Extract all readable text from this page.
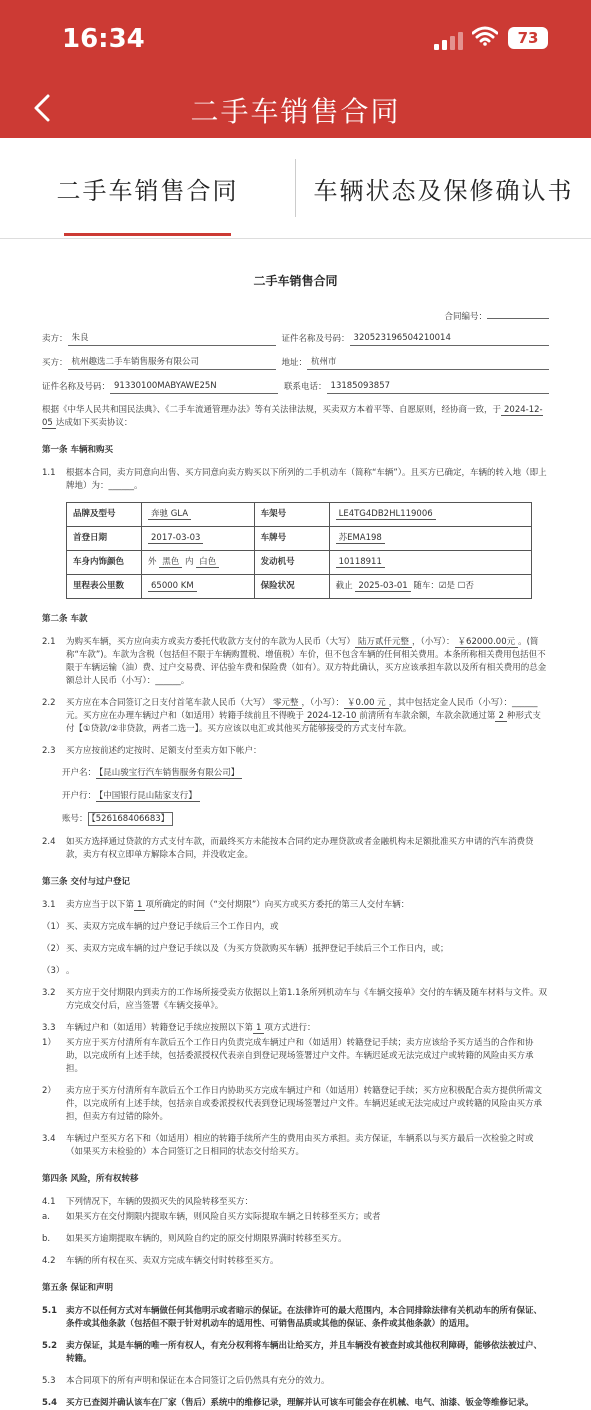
16:34	73
二手车销售合同
二手车销售合同	车辆状态及保修确认书
二手车销售合同
合同编号：
卖方： 朱良	证件名称及号码： 320523196504210014
买方： 杭州趣选二手车销售服务有限公司	地址： 杭州市
证件名称及号码： 91330100MABYAWE25N	联系电话： 13185093857
根据《中华人民共和国民法典》、《二手车流通管理办法》等有关法律法规，买卖双方本着平等、自愿原则，经协商一致，于 2024-12-05 达成如下买卖协议：
第一条 车辆和购买
1.1	根据本合同，卖方同意向出售、买方同意向卖方购买以下所列的二手机动车（简称“车辆”）。且买方已确定，车辆的转入地（即上牌地）为：______。
品牌及型号	奔驰 GLA	车架号	LE4TG4DB2HL119006
首登日期	2017-03-03	车牌号	苏EMA198
车身内饰颜色	外 黑色 内 白色	发动机号	10118911
里程表公里数	65000 KM	保险状况	截止 2025-03-01 随车：☑是 ☐否
第二条 车款
2.1	为购买车辆，买方应向卖方或卖方委托代收款方支付的车款为人民币（大写） 陆万贰仟元整 ，（小写）： ￥62000.00元 。(简称“车款”)。车款为含税（包括但不限于车辆购置税、增值税）车价，但不包含车辆的任何相关费用。本条所称相关费用包括但不限于车辆运输（油）费、过户交易费、评估验车费和保险费（如有）。双方特此确认，买方应该承担车款以及所有相关费用的总金额总计人民币（小写）：______。
2.2	买方应在本合同签订之日支付首笔车款人民币（大写） 零元整 ，（小写）： ￥0.00 元 ，其中包括定金人民币（小写）：______元。买方应在办理车辆过户和（如适用）转籍手续前且不得晚于 2024-12-10 前清所有车款余额，车款余款通过第 2 种形式支付【①贷款/②非贷款，两者二选一】。买方应该以电汇或其他买方能够接受的方式支付车款。
2.3	买方应按前述约定按时、足额支付至卖方如下帐户：
开户名： 【昆山骏宝行汽车销售服务有限公司】
开户行： 【中国银行昆山陆家支行】
账号： 【526168406683】
2.4	如买方选择通过贷款的方式支付车款，而最终买方未能按本合同约定办理贷款或者金融机构未足额批准买方申请的汽车消费贷款，卖方有权立即单方解除本合同，并没收定金。
第三条 交付与过户登记
3.1	卖方应当于以下第 1 项所确定的时间（“交付期限”）向买方或买方委托的第三人交付车辆：
（1） 买、卖双方完成车辆的过户登记手续后三个工作日内，或
（2） 买、卖双方完成车辆的过户登记手续以及（为买方贷款购买车辆）抵押登记手续后三个工作日内，或；
（3） 。
3.2	买方应于交付期限内到卖方的工作场所接受卖方依据以上第1.1条所列机动车与《车辆交接单》交付的车辆及随车材料与文件。双方完成交付后，应当签署《车辆交接单》。
3.3	车辆过户和（如适用）转籍登记手续应按照以下第 1 项方式进行：
1）	买方应于买方付清所有车款后五个工作日内负责完成车辆过户和（如适用）转籍登记手续；卖方应该给予买方适当的合作和协助，以完成所有上述手续，包括委派授权代表亲自到登记现场签署过户文件。车辆迟延或无法完成过户或转籍的风险由买方承担。
2）	卖方应于买方付清所有车款后五个工作日内协助买方完成车辆过户和（如适用）转籍登记手续；买方应积极配合卖方提供所需文件，以完成所有上述手续，包括亲自或委派授权代表到登记现场签署过户文件。车辆迟延或无法完成过户或转籍的风险由买方承担，但卖方有过错的除外。
3.4	车辆过户至买方名下和（如适用）相应的转籍手续所产生的费用由买方承担。卖方保证，车辆系以与买方最后一次检验之时或（如果买方未检验的）本合同签订之日相同的状态交付给买方。
第四条 风险，所有权转移
4.1	下列情况下，车辆的毁损灭失的风险转移至买方：
a.	如果买方在交付期限内提取车辆，则风险自买方实际提取车辆之日转移至买方；或者
b.	如果买方逾期提取车辆的，则风险自约定的原交付期限界满时转移至买方。
4.2	车辆的所有权在买、卖双方完成车辆交付时转移至买方。
第五条 保证和声明
5.1	卖方不以任何方式对车辆做任何其他明示或者暗示的保证。在法律许可的最大范围内，本合同排除法律有关机动车的所有保证、条件或其他条款（包括但不限于针对机动车的适用性、可销售品质或其他的保证、条件或其他条款）的适用。
5.2	卖方保证，其是车辆的唯一所有权人，有充分权利将车辆出让给买方，并且车辆没有被查封或其他权利障碍，能够依法被过户、转籍。
5.3	本合同项下的所有声明和保证在本合同签订之后仍然具有充分的效力。
5.4	买方已查阅并确认该车在厂家（售后）系统中的维修记录，理解并认可该车可能会存在机械、电气、油漆、钣金等维修记录。
